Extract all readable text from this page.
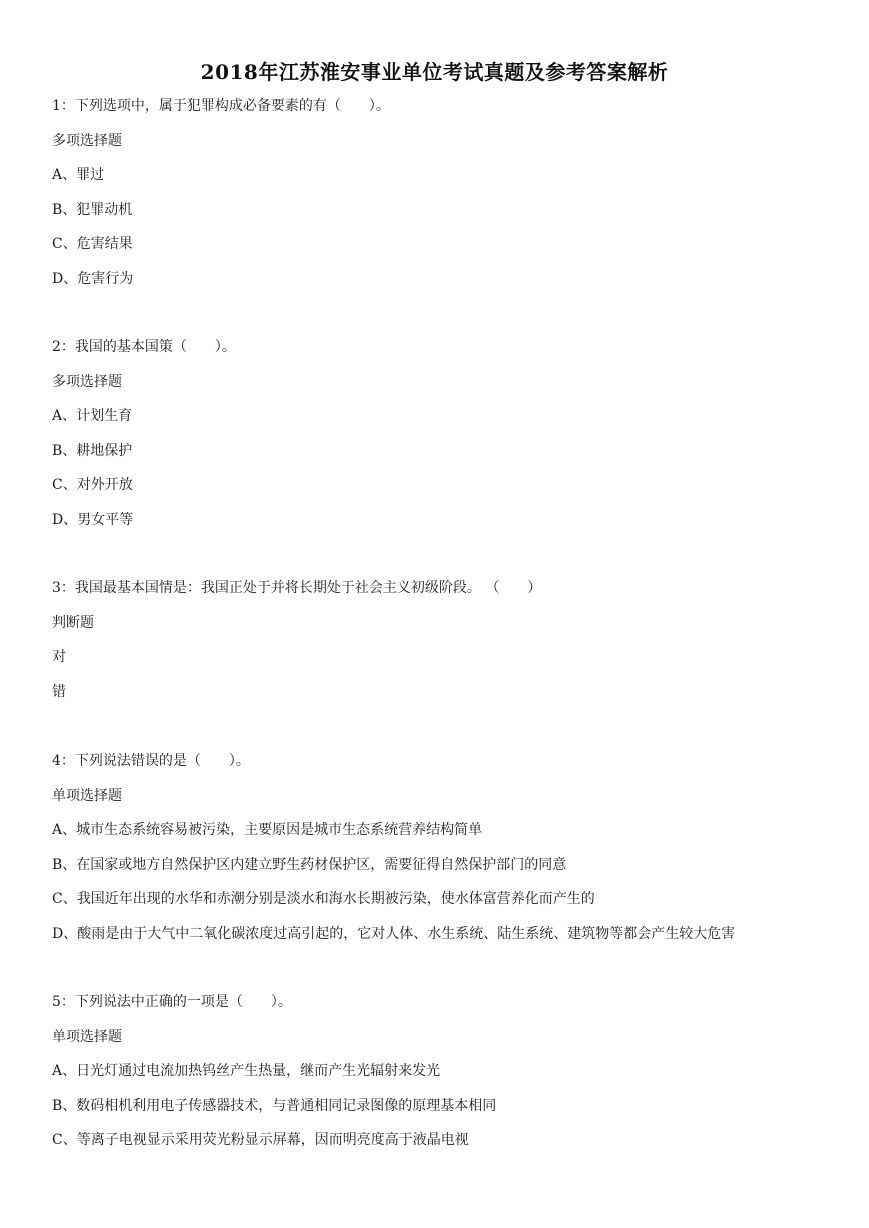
2018年江苏淮安事业单位考试真题及参考答案解析
1：下列选项中，属于犯罪构成必备要素的有（　　）。
多项选择题
A、罪过
B、犯罪动机
C、危害结果
D、危害行为
2：我国的基本国策（　　）。
多项选择题
A、计划生育
B、耕地保护
C、对外开放
D、男女平等
3：我国最基本国情是：我国正处于并将长期处于社会主义初级阶段。 （　　）
判断题
对
错
4：下列说法错误的是（　　）。
单项选择题
A、城市生态系统容易被污染，主要原因是城市生态系统营养结构简单
B、在国家或地方自然保护区内建立野生药材保护区，需要征得自然保护部门的同意
C、我国近年出现的水华和赤潮分别是淡水和海水长期被污染，使水体富营养化而产生的
D、酸雨是由于大气中二氧化碳浓度过高引起的，它对人体、水生系统、陆生系统、建筑物等都会产生较大危害
5：下列说法中正确的一项是（　　）。
单项选择题
A、日光灯通过电流加热钨丝产生热量，继而产生光辐射来发光
B、数码相机利用电子传感器技术，与普通相同记录图像的原理基本相同
C、等离子电视显示采用荧光粉显示屏幕，因而明亮度高于液晶电视
